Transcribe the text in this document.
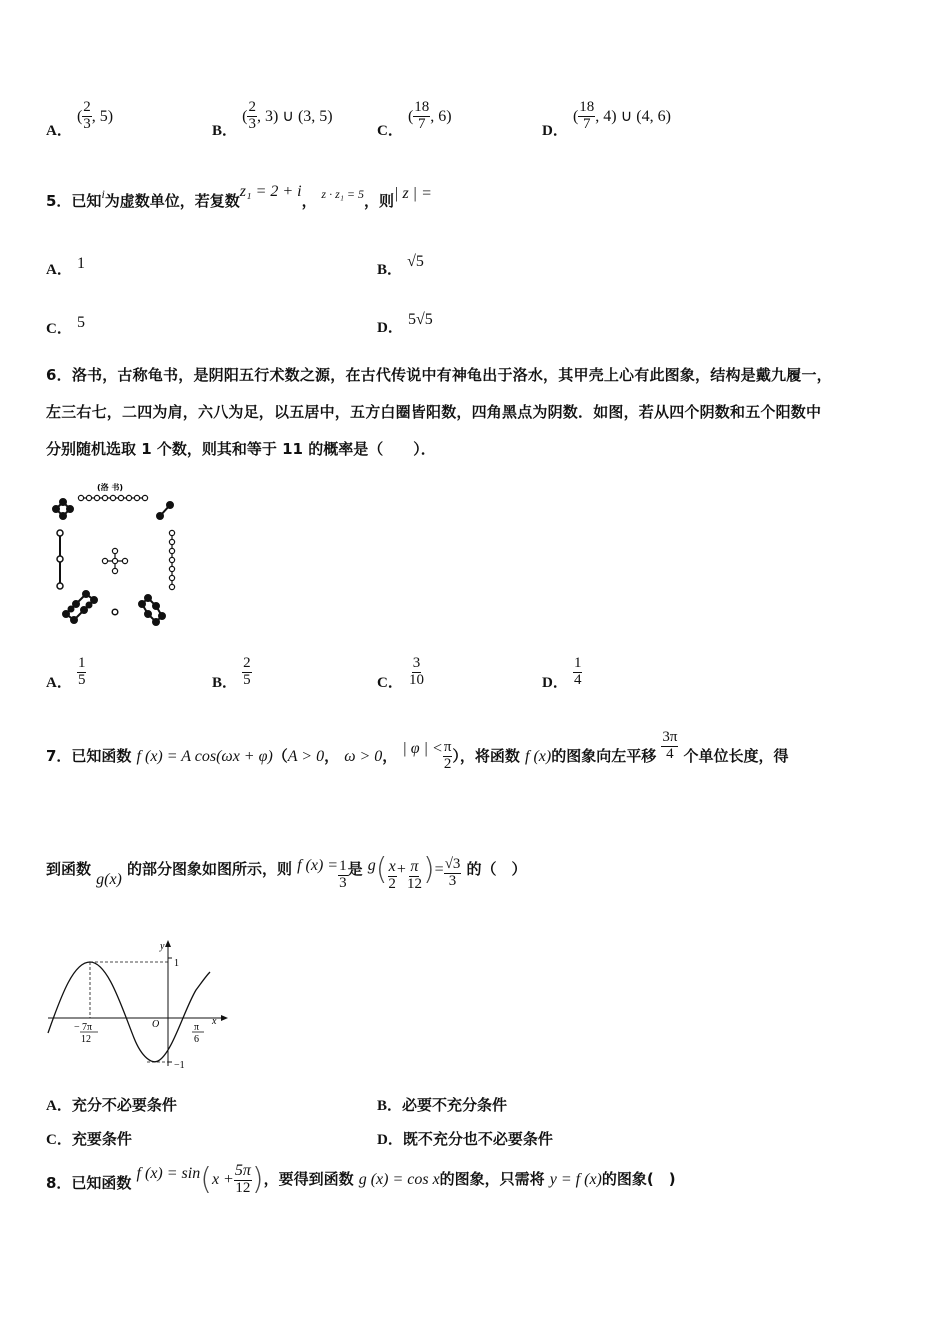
A． ( $\frac{2}{3}$ , 5)
B． ( $\frac{2}{3}$ , 3) ∪ (3, 5)
C． ( $\frac{18}{7}$ , 6)
D． ( $\frac{18}{7}$ , 4) ∪ (4, 6)
5．已知$^i$为虚数单位，若复数z₁ = 2 + i， $^{z \cdot z_1 = 5}$，则| z | =
A． 1	B． √5
C． 5	D． 5√5
6．洛书，古称龟书，是阴阳五行术数之源，在古代传说中有神龟出于洛水，其甲壳上心有此图象，结构是戴九履一，
左三右七，二四为肩，六八为足，以五居中，五方白圈皆阳数，四角黑点为阴数．如图，若从四个阴数和五个阳数中
分别随机选取 1 个数，则其和等于 11 的概率是（　　）．
(洛 书)
A． $\frac{1}{5}$	B． $\frac{2}{5}$	C． $\frac{3}{10}$	D． $\frac{1}{4}$
7．已知函数 f (x) = A cos(ωx + φ)（A > 0， ω > 0， | φ | < $\frac{\pi}{2}$ ），将函数 f (x)的图象向左平移 $\frac{3\pi}{4}$ 个单位长度，得
到函数 g(x) 的部分图象如图所示，则 f $(x) = \frac{1}{3}$ 是 $g( \frac{x}{2} + \frac{\pi}{12}$ )= $\frac{√3}{3}$ 的（　）
y
x
O
1
−1
− 7π
12
π
6
A．充分不必要条件	B．必要不充分条件
C．充要条件	D．既不充分也不必要条件
8．已知函数 f $(x) = \sin(x + \frac{5\pi}{12}$ )，要得到函数 g (x) = cos x的图象，只需将 y = f (x)的图象(　)
